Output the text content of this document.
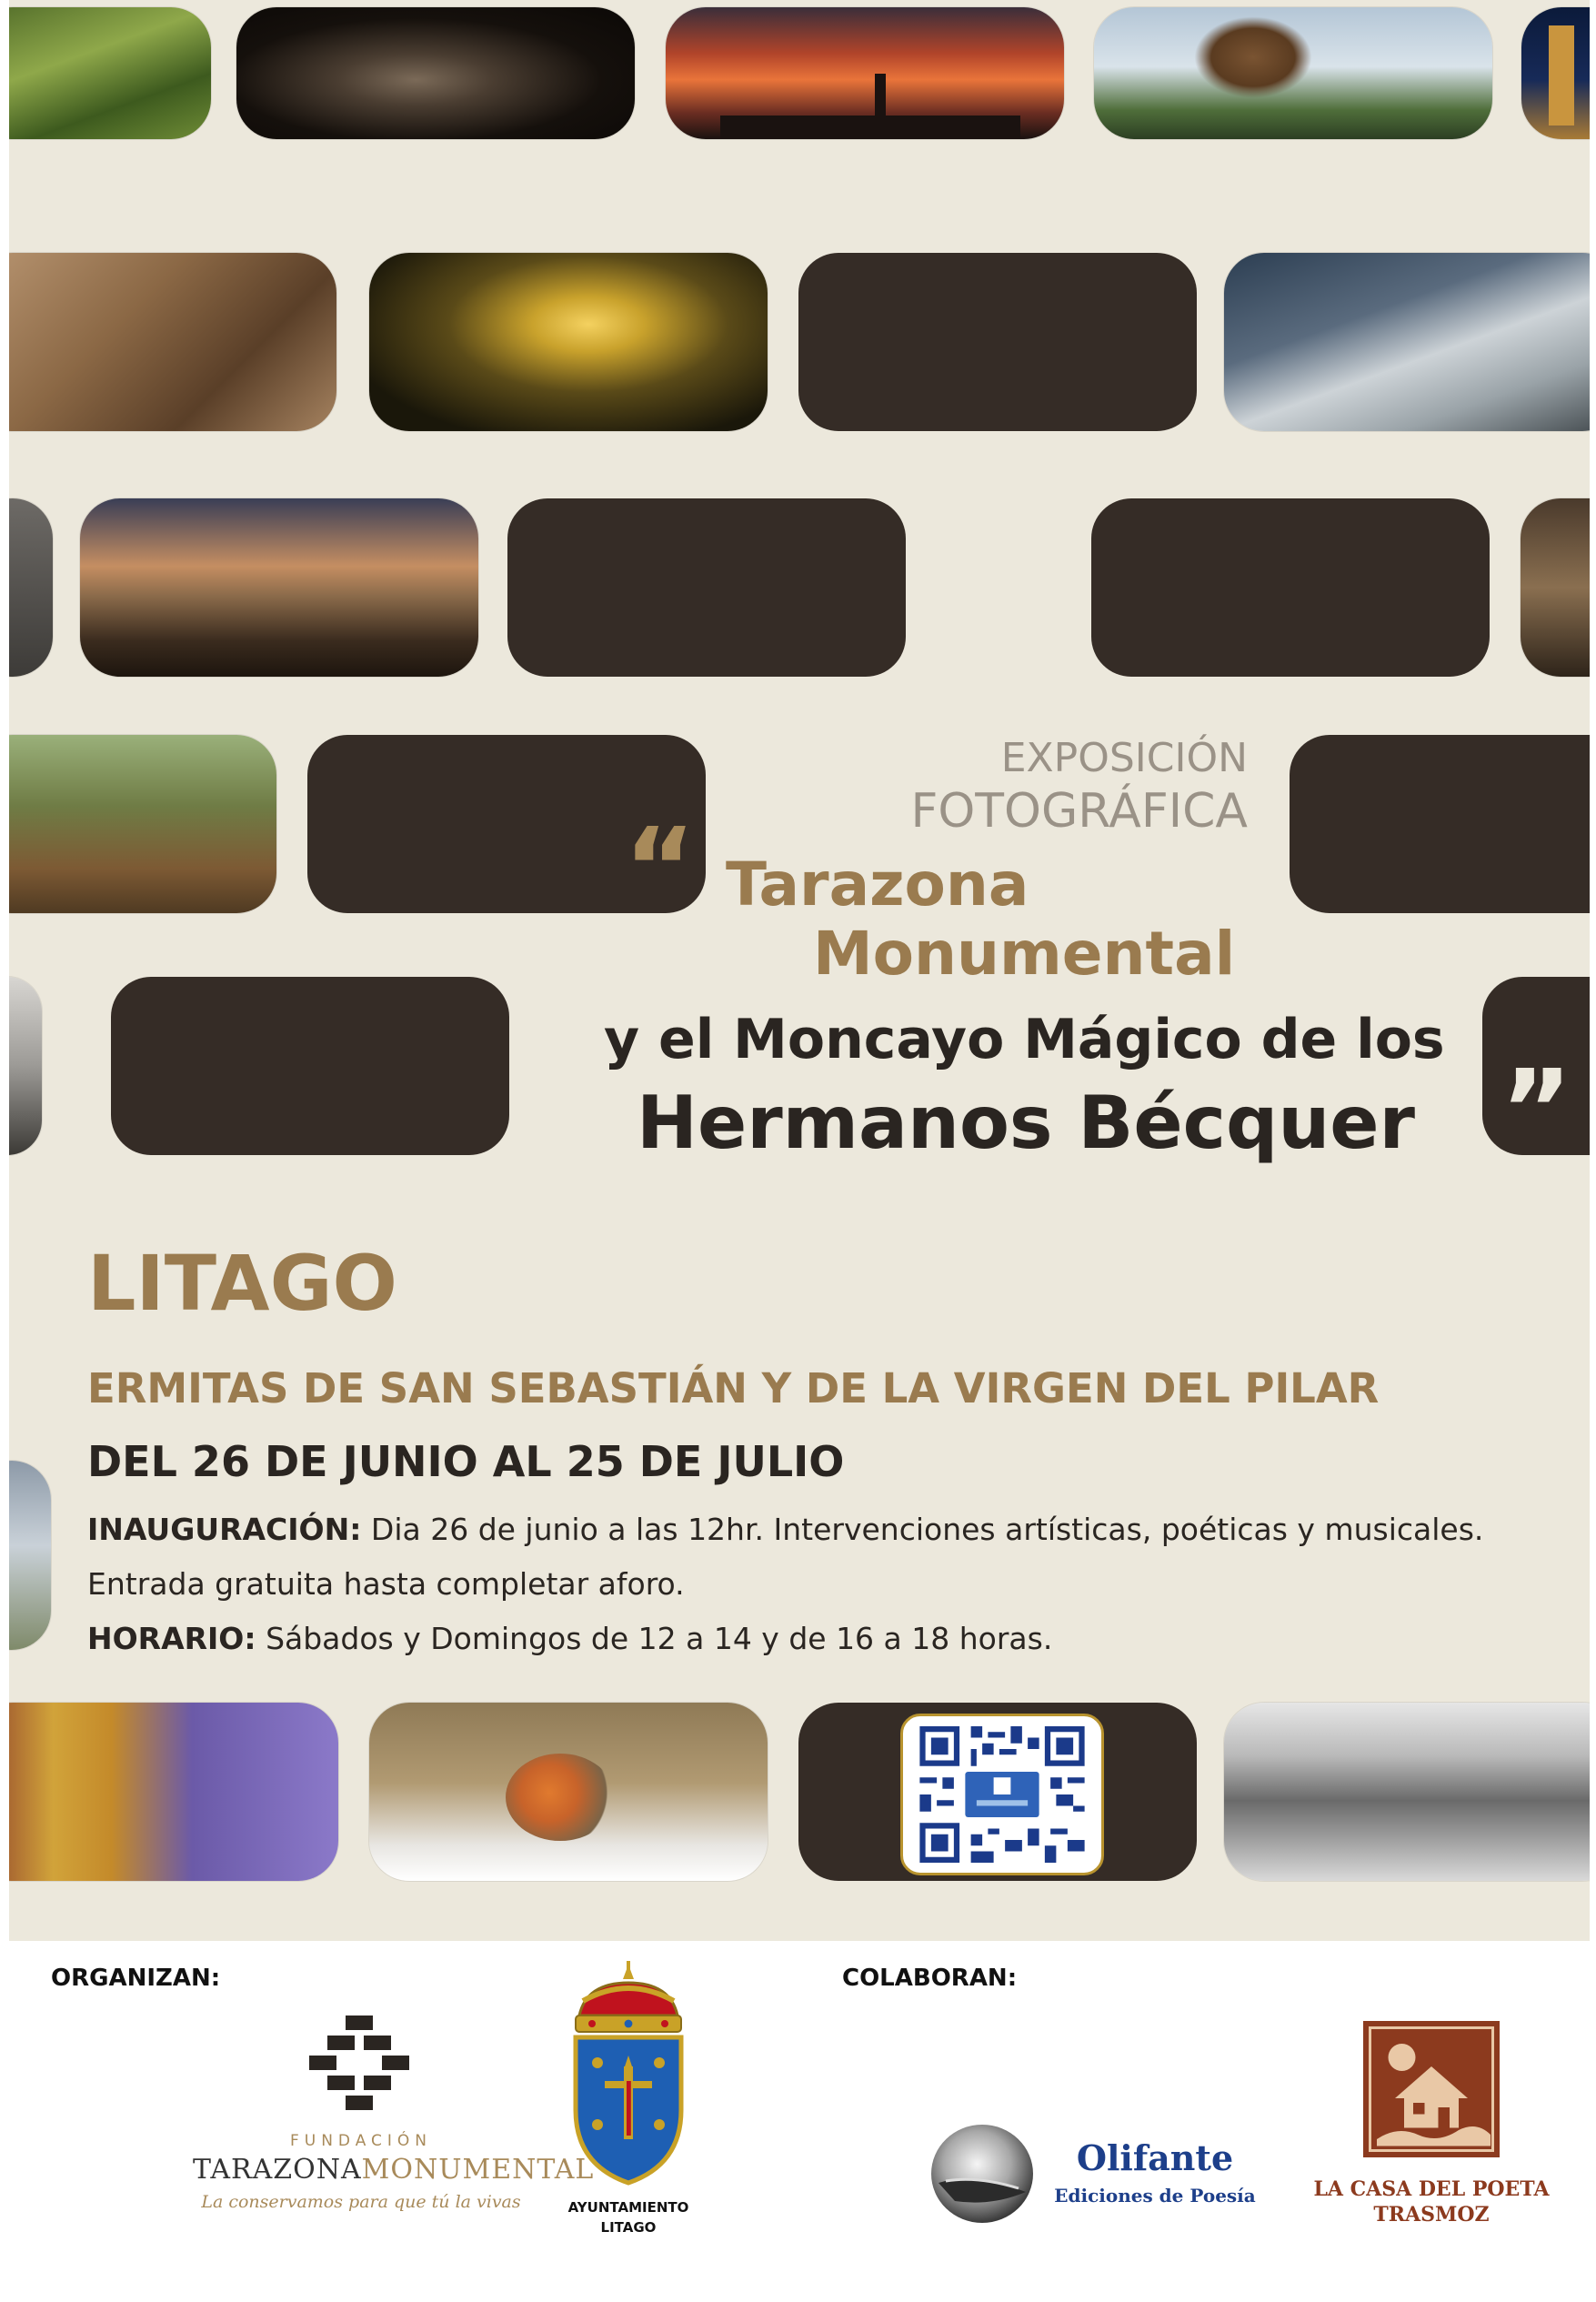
EXPOSICIÓN

FOTOGRÁFICA

“ Tarazona

Monumental

y el Moncayo Mágico de los

Hermanos Bécquer ”

LITAGO

ERMITAS DE SAN SEBASTIÁN Y DE LA VIRGEN DEL PILAR

DEL 26 DE JUNIO AL 25 DE JULIO

INAUGURACIÓN: Dia 26 de junio a las 12hr. Intervenciones artísticas, poéticas y musicales.

Entrada gratuita hasta completar aforo.

HORARIO: Sábados y Domingos de 12 a 14 y de 16 a 18 horas.

ORGANIZAN:	COLABORAN:

FUNDACIÓN

TARAZONAMONUMENTAL

La conservamos para que tú la vivas	AYUNTAMIENTO

LITAGO

Olifante

Ediciones de Poesía	LA CASA DEL POETA

TRASMOZ
